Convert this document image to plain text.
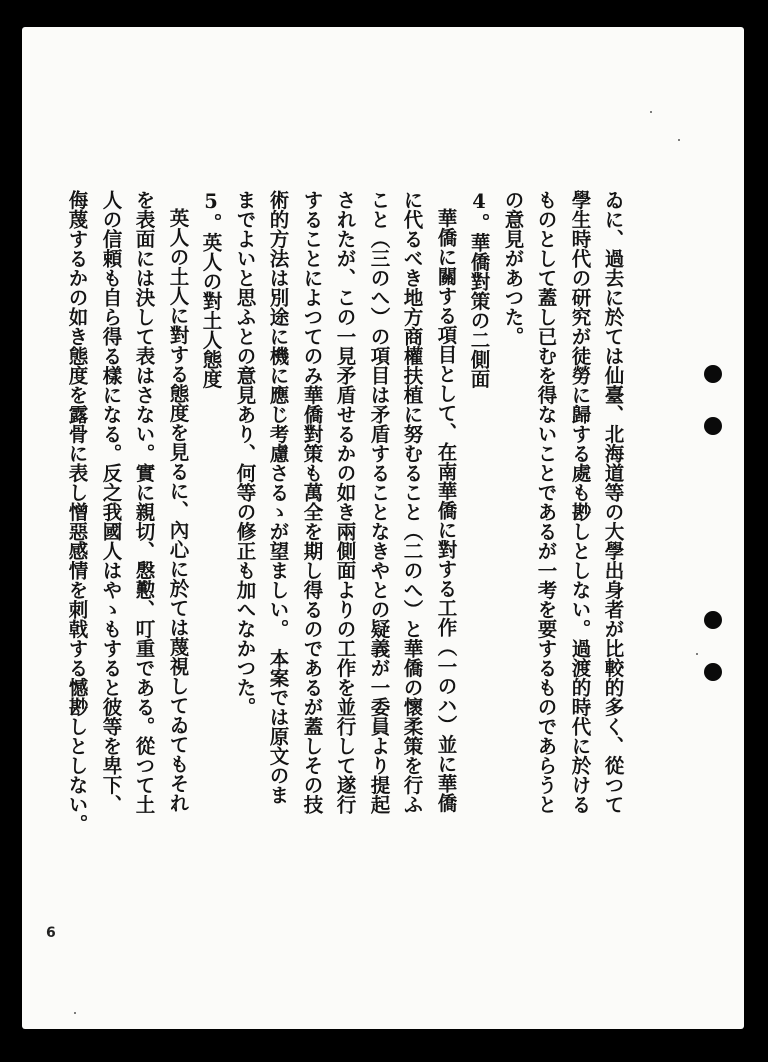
ゐに、過去に於ては仙臺、北海道等の大學出身者が比較的多く、從つて
學生時代の研究が徒勞に歸する處も尠しとしない。過渡的時代に於ける
ものとして蓋し已むを得ないことであるが一考を要するものであらうと
の意見があつた。
4。華僑對策の二側面
華僑に關する項目として、在南華僑に對する工作（一のハ）並に華僑
に代るべき地方商權扶植に努むること（二のへ）と華僑の懷柔策を行ふ
こと（三のへ）の項目は矛盾することなきやとの疑義が一委員より提起
されたが、この一見矛盾せるかの如き兩側面よりの工作を並行して遂行
することによつてのみ華僑對策も萬全を期し得るのであるが蓋しその技
術的方法は別途に機に應じ考慮さるゝが望ましい。　本案では原文のま
までよいと思ふとの意見あり、何等の修正も加へなかつた。
5。英人の對土人態度
英人の土人に對する態度を見るに、內心に於ては蔑視してゐてもそれ
を表面には決して表はさない。實に親切、慇懃、叮重である。從つて土
人の信頼も自ら得る樣になる。反之我國人はやゝもすると彼等を卑下、
侮蔑するかの如き態度を露骨に表し憎惡感情を刺戟する憾尠しとしない。
6
